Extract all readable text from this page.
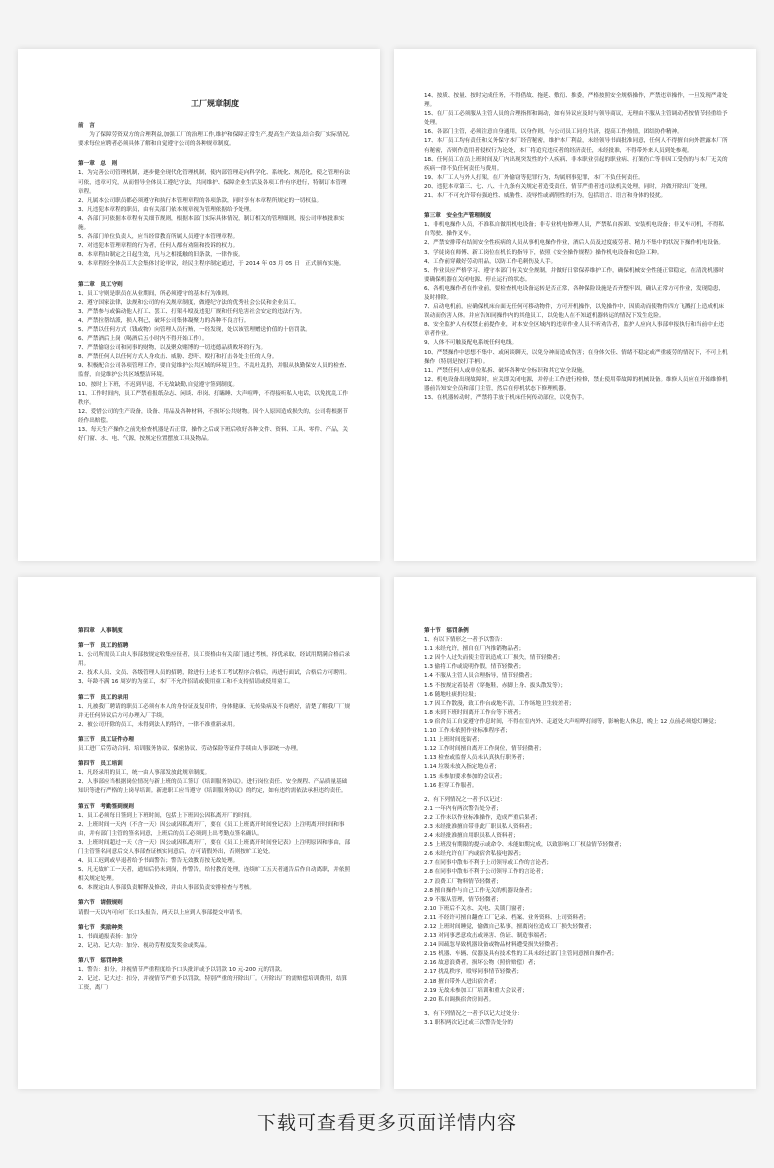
工厂规章制度
前　言
为了保障劳资双方的合理利益,加强工厂的治理工作,维护和保障正常生产,提高生产效益,结合我厂实际情况,要求每位应聘者必须具体了解和自觉遵守公司的各种规章制度。
第一章　总　则
1、为完善公司管理机制，逐步健全现代化管理机制，使内部管理走向科学化、系统化、规范化，使之管理有法可依，违章可究，从而督导全体员工遵纪守法，共同维护、保障企业生活及各项工作有序进行，特制订本管理章程。
2、凡属本公司职员都必须遵守和执行本管理章程的各项条款，同时享有本章程所规定的一切权益。
3、凡违犯本章程的职员，由有关部门依本规章视为管理依据给予处理。
4、各部门可依据本章程有关细节规则，根据本部门实际具体情况，制订相关的管理细则，报公司审核批准实施。
5、各部门单位负责人，应当经常教育所属人员遵守本管理章程。
7、对违犯本管理章程的行为者，任何人都有劝阻和投诉的权力。
8、本章程由制定之日起生效，凡与之相抵触的旧条款，一律作废。
9、本章程经全体员工大会集体讨论审议，经民主程序制定通过，于 2014 年 03 月 05 日　正式颁布实施。
第二章　员工守则
1、员工守则是职员在从业期间，所必须遵守的基本行为准则。
2、遵守国家法律，法规和公司的有关规章制度，做遵纪守法的优秀社会公民和企业员工。
3、严禁参与或偏动他人打工、罢工、打架斗殴及违犯厂规和任何危害社会安定的违法行为。
4、严禁拉帮结派，损人利己，破坏公司集体凝聚力的各种不良言行。
5、严禁以任何方式（钱或物）向管理人员行贿，一经发现，处以该管理赠送价值的十倍罚款。
6、严禁酒后上岗（喝酒后五小时内不得开始工作）。
7、严禁偷窃公司和同事的财物，以及聚众赌博的一切违德品质败坏的行为。
8、严禁任何人以任何方式人身攻击、威胁、恐吓、殴打和打击各处主任的人身。
9、积极配合公司各项管理工作，要自觉维护公共区域的环境卫生，不乱吐乱扔，并服从执勤保安人员的检查、监督，自觉维护公共区域整洁环境。
10、按时上下班，不迟到早退，不无故缺勤,自觉遵守签到制度。
11、工作时间内，员工严禁看报纸杂志、闲谈、串岗、打瞌睡、大声喧哗，不得接听私人电话，以免扰乱工作秩序。
12、爱惜公司的生产设备，设备、用品及各种材料，不损坏公共财物。因个人原因造成损失的，公司将根据节经作出赔偿。
13、每天生产操作之前先检查机器是否正常，操作之后或下班后收好各种文件、资料、工具、零件、产品，关好门窗、水、电、气源，按规定位置摆放工具及物品。
14、按质、按量、按时完成任务，不得借故、拖延、敷衍、推委，严格按照安全规格操作，严禁违章操作，一旦发现严肃处理。
15、在厂员工必须服从主管人员的合理指挥和调动，如有异议应及时与领导商议，无理由不服从主管调动者按情节轻重给予处理。
16、各部门主管，必须注意自身通用，以身作则，与公司员工同舟共济，提高工作热情，团结协作精神。
17、本厂员工均有责任和义务保守本厂经营秘密，维护本厂利益，未经领导书面批准同意，任何人不得擅自向外泄露本厂所有秘密，否则作造用者侵权行为论处，本厂将追究违反者的经济责任，未经批准，不得带外来人员到处参观。
18、任何员工在员上班时间及厂内出现突发性的个人疾病、非本职业引起的职业病、打架伤亡等非因工受伤的与本厂无关的疾病一律不负任何责任与费用。
19、本厂工人与外人打架，在厂外偷窃等犯罪行为，均属刑事犯罪，本厂不负任何责任。
20、违犯本章第三、七、八、十九条有关规定者造受责任，情节严重者违司法机关处理，同时，并做开除出厂处理。
21、本厂不可允许带有强迫性、威胁性、凌辱性或剥削性的行为，包括语言、语言和身体的侵扰。
第三章　安全生产管理制度
1、非机电操作人员，不准私自做用机电设备；非专业机电修理人员，严禁私自拆卸、安装机电设备；非叉车司机，不得私自驾驶、操作叉车。
2、严禁安排带有结间安全性疾病的人员从事机电操作作业，酒后人员及过度疲劳者、精力不集中的状况下操作机电设备。
3、学徒岗在师傅、新工岗位在机长的指导下，依照《安全操作规程》操作机电设备和危险工种。
4、工作前穿戴好劳动用品，以防工作毛刺伤及人手。
5、作业员应严格学习、遵守本部门有关安全规制，并做好日常保养维护工作，确保机械安全性能正常稳定，在清洗机器时要确保机器在关闭电源、停止运行的状态。
6、各机电操作者在作业前，要检查机电设备运转是否正常，各种保险设施是否齐整牢固，确认正常方可作业，发现隐患，及时排除。
7、启动电机前，应确保机床台面无任何可移动物件，方可开机操作，以免操作中，因质动而使物件四方飞溅打上造成机床误动而伤害人体。并应告知同操作内的其他员工，以免他人在不知道机器转运的情况下发生危险。
8、安全监护人有权禁止前提作业，对本安全区域内的违章作业人员不听劝告者，监护人应向人事部申报执行和当前中止违章者作业。
9、人体不可触及配电系统任何电线。
10、严禁操作中思想不集中、或闲谈聊天，以免分神而造成伤害；在身体欠佳、情绪不稳定或严重疲劳的情况下，不可上机操作（特别是按打手柄）。
11、严禁任何人或单位私拆、破坏各种安全标识和其它安全设施。
12、机电设备出现故障时，应关即关闭电源，并停止工作进行检修，禁止使用带故障的机械设备。维修人员应在开始维修机器前告知安全员和部门主管，然后在停机状态下修理机器。
13、在机器转动时，严禁将手放于机床任何传动部位，以免伤手。
第四章　人事制度
第一节　员工的招聘
1、公司所需员工由人事部按规定收集应征者，员工资格由有关部门通过考核，择优录取，经试用期满合格后录用。
2、技术人员、文员、各级管理人员的招聘，除进行上述书工考试程序合格后，再进行面试，合格后方可聘用。
3、年龄不满 16 周岁的为童工，本厂不允许招请或使用童工和不支持招请或使用童工。
第二节　员工的录用
1、凡被我厂聘请的职员工必须有本人的身份证及复印件，身体健康、无传染病及不良嗜好，清楚了解我厂厂规并无任何异议后方可办理入厂手续。
2、被公司开除的员工，未得到法人的特许，一律不准重新录用。
第三节　员工证件办理
员工进厂后劳动合同、培训服务协议、保密协议、劳动保险等证件手续由人事部统一办理。
第四节　员工培训
1、凡经录用的员工，统一由人事部发放此规章制度。
2、人事部应当根据岗位情况与新上班的员工签订《培训服务协议》。进行岗位责任、安全规程、产品质量基础知识等进行严格的上岗导培训。新进职工应当遵守《培训服务协议》的约定，如有违约需依法承担违约责任。
第五节　考勤签到规则
1、员工必须每日签到上下班时间，包括上下班因公因私离开厂的时间。
2、上班时间一天内（不含一天）因公或因私离开厂，要在《员工上班离开时间登记表》上注明离开时间和事由，并有部门主管的签名同意，上班后的员工必须到上出考勤点签名确认。
3、上班时间超过一天（含一天）因公或因私离开厂，要在《员工上班离开时间登记表》上注明原因和事由，部门主管签名同意后交人事部查证核实同意后，方可请假外出，否则按旷工论处。
4、员工迟到或早退者给予书面警告；警告无效教育按无故处理。
5、凡无故旷工一天者，通知后仍未到岗，作警告，给付教育处理，连续旷工五天者通告后作自动离职，并依照相关规定处理。
6、本规定由人事部负责解释及修改，并由人事部负责安排检查与考核。
第六节　请假规则
请假一天以内可向厂长口头报告，两天以上应到人事部提交申请书。
第七节　奖励种类
1、书面通报表扬：加分
2、记功、记大功：加分、视功劳程度发奖金或奖品。
第八节　惩罚种类
1、警告：扣分，并视情节严重程度给予口头批评或予以罚款 10 元-200 元的罚款。
2、记过、记大过：扣分，并视情节严重予以罚款，特别严重的开除出厂。（开除出厂的需赔偿培训费用，结算工资，离厂）
第十节　惩罚条例
1、有以下情形之一者予以警告：
1.1 未经允许，擅自在厂内推销物品者；
1.2 因个人过失而使主管讯造成工厂损失，情节轻微者；
1.3 偷将工作或说明作假，情节轻微者；
1.4 不服从主管人员合理指导，情节轻微者；
1.5 不按规定着装者（穿拖鞋，赤脚上身、拔头散发等）；
1.6 随地吐痰扔垃圾；
1.7 因工作散漫，致工作台或地不清，工作场地卫生较差者；
1.8 未到下班时间离开工作台等下班者；
1.9 宿舍员工自觉遵守作息时间，不得在室内外、走道处大声喧哗打闹等，影响他人休息，晚上 12 点前必须熄灯睡觉；
1.10 工作未依照作业标准程序者；
1.11 上班时间逛街者；
1.12 工作时间擅自离开工作岗位，情节轻微者；
1.13 检查或监督人员未认真执行职务者；
1.14 垃圾未放入指定地点者；
1.15 未参加要求参加的会议者；
1.16 拒穿工作服者。
2、有下列情况之一者予以记过：
2.1 一年内有两次警告处分者；
2.2 工作未以作业标准操作，造成严重后果者；
2.3 未经批准擅自带非此厂职员私人资料者；
2.4 未经批准擅自用职员私人资料者；
2.5 上班没有期限的提示或命令、未能如期完成，以致影响工厂权益情节轻微者；
2.6 未经允许在厂内或宿舍私接电源者；
2.7 在同事中散布不利于上司领导或工作的言论者；
2.8 在同事中散布不利于公司领导工作的言论者；
2.7 浪费工厂物料情节轻微者；
2.8 擅自操作与自己工作无关的机器设备者；
2.9 不服从管理，情节轻微者；
2.10 下班后不关水、关电、关锁门窗者；
2.11 不经许可擅自翻查工厂记录、档案、业务资料、上司资料者；
2.12 上班时间睡觉，偷做自己私事，擅离岗位造成工厂损失轻微者；
2.13 对同事恶意攻击或诬害、伪证、制造事端者；
2.14 因疏忽导致机器设备或物品材料遭受损失轻微者；
2.15 机器、车辆、仪器及具有技术性的工具未经过部门主管同意擅自操作者；
2.16 故意浪费者，损坏公物（照价赔偿）者；
2.17 扰乱秩序，殴辱同事情节轻微者；
2.18 擅自带外人进出宿舍者；
2.19 无故未参加工厂培训和重大会议者；
2.20 私自调换宿舍房间者。
3、有下列情况之一者予以记大过处分：
3.1 职积两次记过或三次警告处分的
下载可查看更多页面详情内容
